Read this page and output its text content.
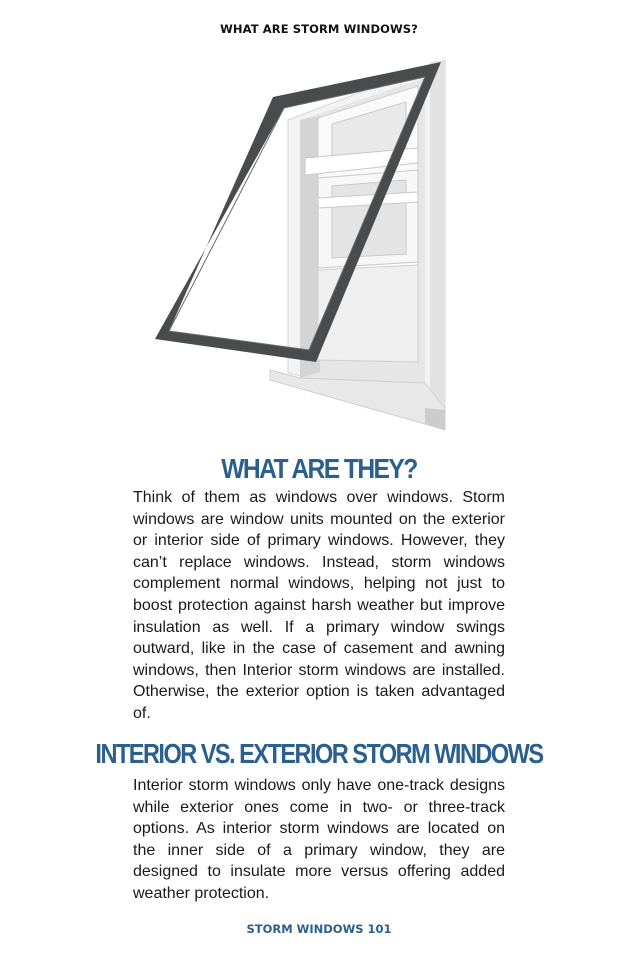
WHAT ARE STORM WINDOWS?
WHAT ARE THEY?

Think of them as windows over windows. Storm windows are window units mounted on the exterior or interior side of primary windows. However, they can’t replace windows. Instead, storm windows complement normal windows, helping not just to boost protection against harsh weather but improve insulation as well. If a primary window swings outward, like in the case of casement and awning windows, then Interior storm windows are installed. Otherwise, the exterior option is taken advantaged of.

INTERIOR VS. EXTERIOR STORM WINDOWS

Interior storm windows only have one-track designs while exterior ones come in two- or three-track options. As interior storm windows are located on the inner side of a primary window, they are designed to insulate more versus offering added weather protection.

STORM WINDOWS 101
